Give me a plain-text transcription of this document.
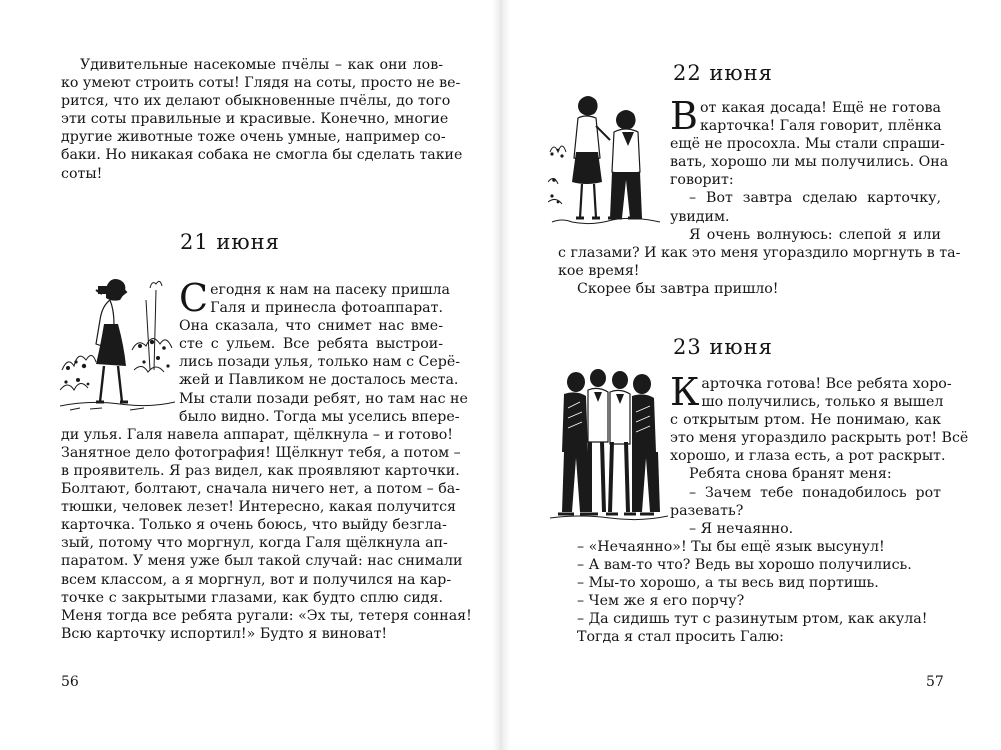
Удивительные насекомые пчёлы – как они лов-
ко умеют строить соты! Глядя на соты, просто не ве-
рится, что их делают обыкновенные пчёлы, до того
эти соты правильные и красивые. Конечно, многие
другие животные тоже очень умные, например со-
баки. Но никакая собака не смогла бы сделать такие
соты!
21 июня
С егодня к нам на пасеку пришла
Галя и принесла фотоаппарат.
Она сказала, что снимет нас вме-
сте с ульем. Все ребята выстрои-
лись позади улья, только нам с Серё-
жей и Павликом не досталось места.
Мы стали позади ребят, но там нас не
было видно. Тогда мы уселись впере-
ди улья. Галя навела аппарат, щёлкнула – и готово!
Занятное дело фотография! Щёлкнут тебя, а потом –
в проявитель. Я раз видел, как проявляют карточки.
Болтают, болтают, сначала ничего нет, а потом – ба-
тюшки, человек лезет! Интересно, какая получится
карточка. Только я очень боюсь, что выйду безгла-
зый, потому что моргнул, когда Галя щёлкнула ап-
паратом. У меня уже был такой случай: нас снимали
всем классом, а я моргнул, вот и получился на кар-
точке с закрытыми глазами, как будто сплю сидя.
Меня тогда все ребята ругали: «Эх ты, тетеря сонная!
Всю карточку испортил!» Будто я виноват!
56
22 июня
В от какая досада! Ещё не готова
карточка! Галя говорит, плёнка
ещё не просохла. Мы стали спраши-
вать, хорошо ли мы получились. Она
говорит:
– Вот завтра сделаю карточку,
увидим.
Я очень волнуюсь: слепой я или
с глазами? И как это меня угораздило моргнуть в та-
кое время!
Скорее бы завтра пришло!
23 июня
К арточка готова! Все ребята хоро-
шо получились, только я вышел
с открытым ртом. Не понимаю, как
это меня угораздило раскрыть рот! Всё
хорошо, и глаза есть, а рот раскрыт.
Ребята снова бранят меня:
– Зачем тебе понадобилось рот
разевать?
– Я нечаянно.
– «Нечаянно»! Ты бы ещё язык высунул!
– А вам-то что? Ведь вы хорошо получились.
– Мы-то хорошо, а ты весь вид портишь.
– Чем же я его порчу?
– Да сидишь тут с разинутым ртом, как акула!
Тогда я стал просить Галю:
57
